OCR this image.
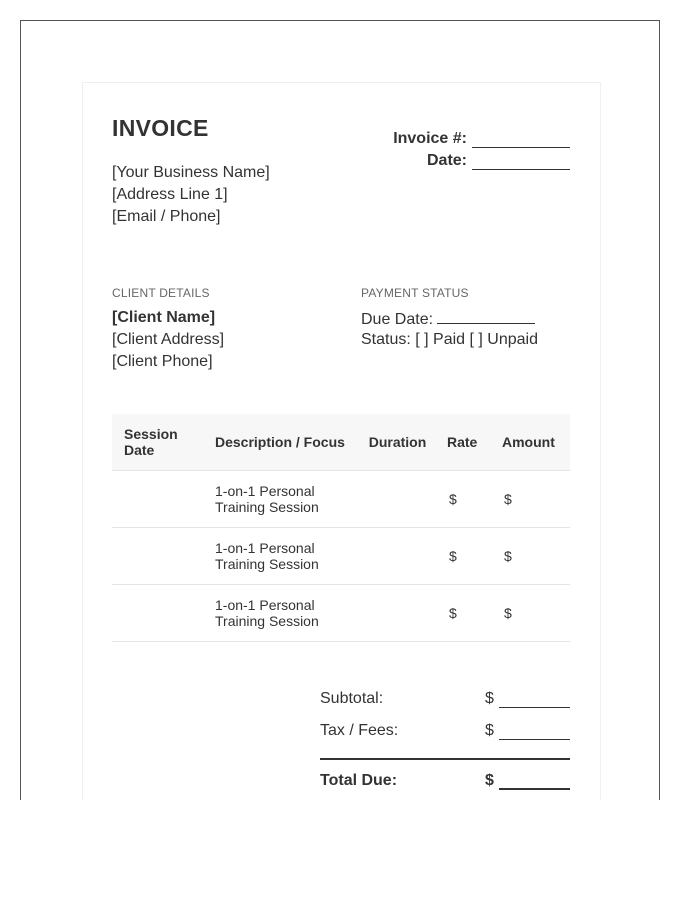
INVOICE
[Your Business Name]
[Address Line 1]
[Email / Phone]
Invoice #:
Date:
CLIENT DETAILS
[Client Name]
[Client Address]
[Client Phone]
PAYMENT STATUS
Due Date:
Status: [ ] Paid [ ] Unpaid
Session Date	Description / Focus	Duration	Rate	Amount
	1-on-1 Personal Training Session		$	$
	1-on-1 Personal Training Session		$	$
	1-on-1 Personal Training Session		$	$
Subtotal:	$
Tax / Fees:	$
Total Due:	$
